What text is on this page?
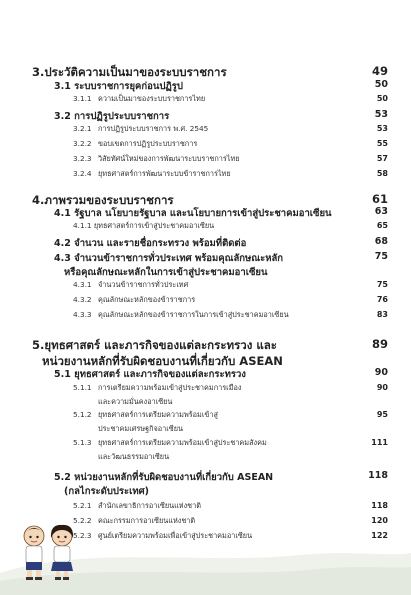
3.ประวัติความเป็นมาของระบบราชการ	49
3.1 ระบบราชการยุคก่อนปฏิรูป	50
3.1.1 ความเป็นมาของระบบราชการไทย	50
3.2 การปฏิรูประบบราชการ	53
3.2.1 การปฏิรูประบบราชการ พ.ศ. 2545	53
3.2.2 ขอบเขตการปฏิรูประบบราชการ	55
3.2.3 วิสัยทัศน์ใหม่ของการพัฒนาระบบราชการไทย	57
3.2.4 ยุทธศาสตร์การพัฒนาระบบข้าราชการไทย	58
4.ภาพรวมของระบบราชการ	61
4.1 รัฐบาล นโยบายรัฐบาล และนโยบายการเข้าสู่ประชาคมอาเซียน	63
4.1.1 ยุทธศาสตร์การเข้าสู่ประชาคมอาเซียน	65
4.2 จำนวน และรายชื่อกระทรวง พร้อมที่ติดต่อ	68
4.3 จำนวนข้าราชการทั่วประเทศ พร้อมคุณลักษณะหลัก	75
หรือคุณลักษณะหลักในการเข้าสู่ประชาคมอาเซียน
4.3.1 จำนวนข้าราชการทั่วประเทศ	75
4.3.2 คุณลักษณะหลักของข้าราชการ	76
4.3.3 คุณลักษณะหลักของข้าราชการในการเข้าสู่ประชาคมอาเซียน	83
5.ยุทธศาสตร์ และภารกิจของแต่ละกระทรวง และ	89
หน่วยงานหลักที่รับผิดชอบงานที่เกี่ยวกับ ASEAN
5.1 ยุทธศาสตร์ และภารกิจของแต่ละกระทรวง	90
5.1.1 การเตรียมความพร้อมเข้าสู่ประชาคมการเมือง	90
และความมั่นคงอาเซียน
5.1.2 ยุทธศาสตร์การเตรียมความพร้อมเข้าสู่	95
ประชาคมเศรษฐกิจอาเซียน
5.1.3 ยุทธศาสตร์การเตรียมความพร้อมเข้าสู่ประชาคมสังคม	111
และวัฒนธรรมอาเซียน
5.2 หน่วยงานหลักที่รับผิดชอบงานที่เกี่ยวกับ ASEAN	118
(กลไกระดับประเทศ)
5.2.1 สำนักเลขาธิการอาเซียนแห่งชาติ	118
5.2.2 คณะกรรมการอาเซียนแห่งชาติ	120
5.2.3 ศูนย์เตรียมความพร้อมเพื่อเข้าสู่ประชาคมอาเซียน	122
